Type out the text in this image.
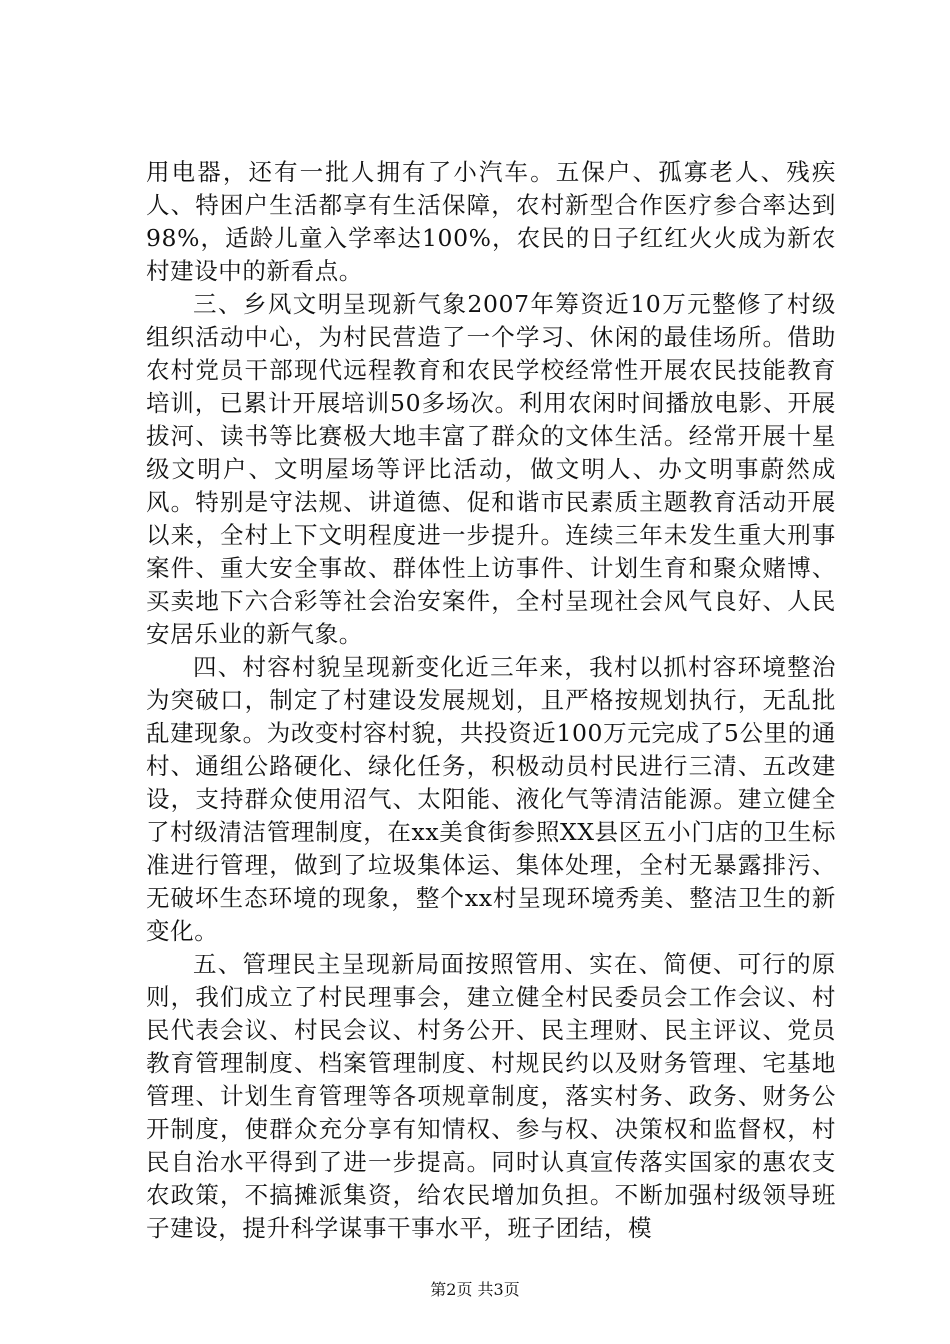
用电器，还有一批人拥有了小汽车。五保户、孤寡老人、残疾人、特困户生活都享有生活保障，农村新型合作医疗参合率达到98%，适龄儿童入学率达100%，农民的日子红红火火成为新农村建设中的新看点。

三、乡风文明呈现新气象2007年筹资近10万元整修了村级组织活动中心，为村民营造了一个学习、休闲的最佳场所。借助农村党员干部现代远程教育和农民学校经常性开展农民技能教育培训，已累计开展培训50多场次。利用农闲时间播放电影、开展拔河、读书等比赛极大地丰富了群众的文体生活。经常开展十星级文明户、文明屋场等评比活动，做文明人、办文明事蔚然成风。特别是守法规、讲道德、促和谐市民素质主题教育活动开展以来，全村上下文明程度进一步提升。连续三年未发生重大刑事案件、重大安全事故、群体性上访事件、计划生育和聚众赌博、买卖地下六合彩等社会治安案件，全村呈现社会风气良好、人民安居乐业的新气象。

四、村容村貌呈现新变化近三年来，我村以抓村容环境整治为突破口，制定了村建设发展规划，且严格按规划执行，无乱批乱建现象。为改变村容村貌，共投资近100万元完成了5公里的通村、通组公路硬化、绿化任务，积极动员村民进行三清、五改建设，支持群众使用沼气、太阳能、液化气等清洁能源。建立健全了村级清洁管理制度，在xx美食街参照XX县区五小门店的卫生标准进行管理，做到了垃圾集体运、集体处理，全村无暴露排污、无破坏生态环境的现象，整个xx村呈现环境秀美、整洁卫生的新变化。

五、管理民主呈现新局面按照管用、实在、简便、可行的原则，我们成立了村民理事会，建立健全村民委员会工作会议、村民代表会议、村民会议、村务公开、民主理财、民主评议、党员教育管理制度、档案管理制度、村规民约以及财务管理、宅基地管理、计划生育管理等各项规章制度，落实村务、政务、财务公开制度，使群众充分享有知情权、参与权、决策权和监督权，村民自治水平得到了进一步提高。同时认真宣传落实国家的惠农支农政策，不搞摊派集资，给农民增加负担。不断加强村级领导班子建设，提升科学谋事干事水平，班子团结，模

第2页 共3页
